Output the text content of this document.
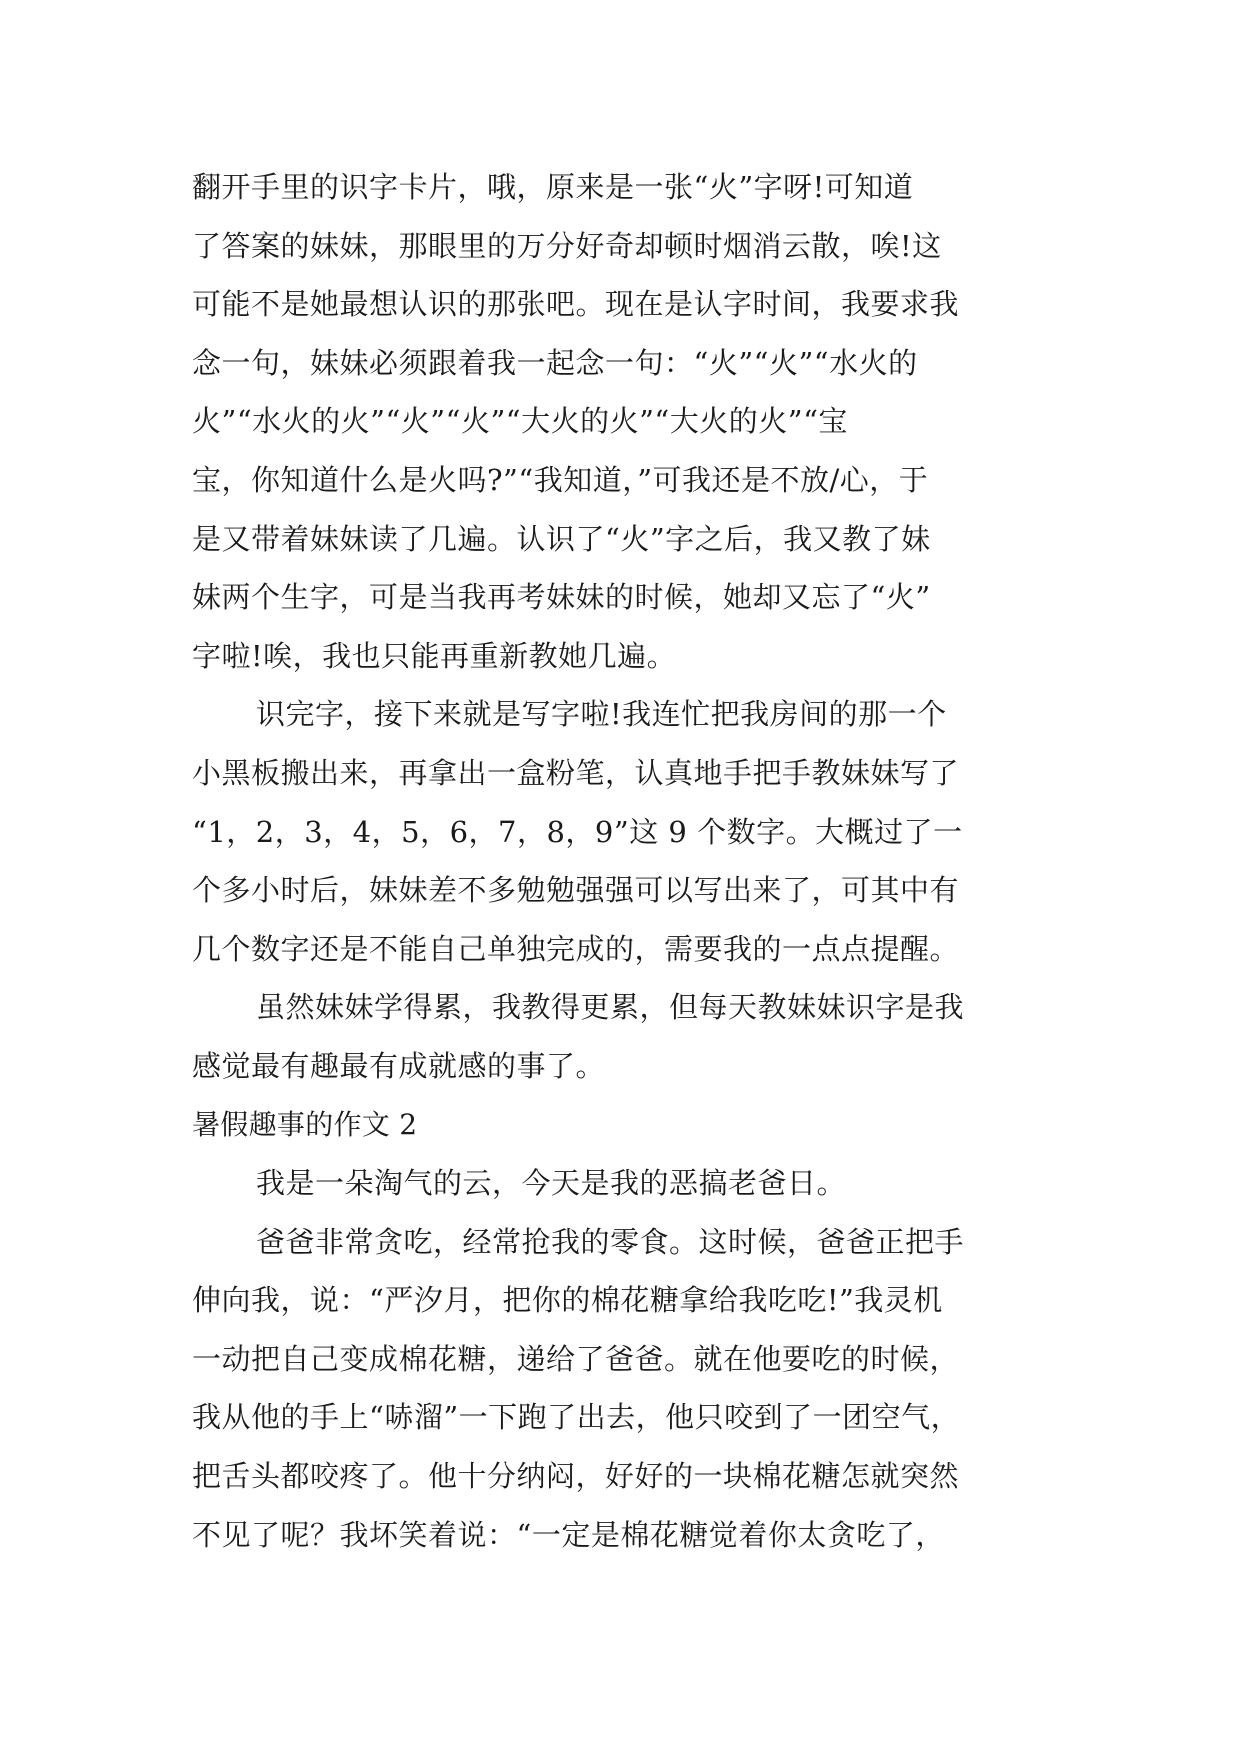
翻开手里的识字卡片，哦，原来是一张“火”字呀!可知道
了答案的妹妹，那眼里的万分好奇却顿时烟消云散，唉!这
可能不是她最想认识的那张吧。现在是认字时间，我要求我
念一句，妹妹必须跟着我一起念一句：“火”“火”“水火的
火”“水火的火”“火”“火”“大火的火”“大火的火”“宝
宝，你知道什么是火吗?”“我知道，”可我还是不放/心，于
是又带着妹妹读了几遍。认识了“火”字之后，我又教了妹
妹两个生字，可是当我再考妹妹的时候，她却又忘了“火”
字啦!唉，我也只能再重新教她几遍。
识完字，接下来就是写字啦!我连忙把我房间的那一个
小黑板搬出来，再拿出一盒粉笔，认真地手把手教妹妹写了
“1，2，3，4，5，6，7，8，9”这 9 个数字。大概过了一
个多小时后，妹妹差不多勉勉强强可以写出来了，可其中有
几个数字还是不能自己单独完成的，需要我的一点点提醒。
虽然妹妹学得累，我教得更累，但每天教妹妹识字是我
感觉最有趣最有成就感的事了。
暑假趣事的作文 2
我是一朵淘气的云，今天是我的恶搞老爸日。
爸爸非常贪吃，经常抢我的零食。这时候，爸爸正把手
伸向我，说：“严汐月，把你的棉花糖拿给我吃吃!”我灵机
一动把自己变成棉花糖，递给了爸爸。就在他要吃的时候，
我从他的手上“哧溜”一下跑了出去，他只咬到了一团空气，
把舌头都咬疼了。他十分纳闷，好好的一块棉花糖怎就突然
不见了呢？我坏笑着说：“一定是棉花糖觉着你太贪吃了，
